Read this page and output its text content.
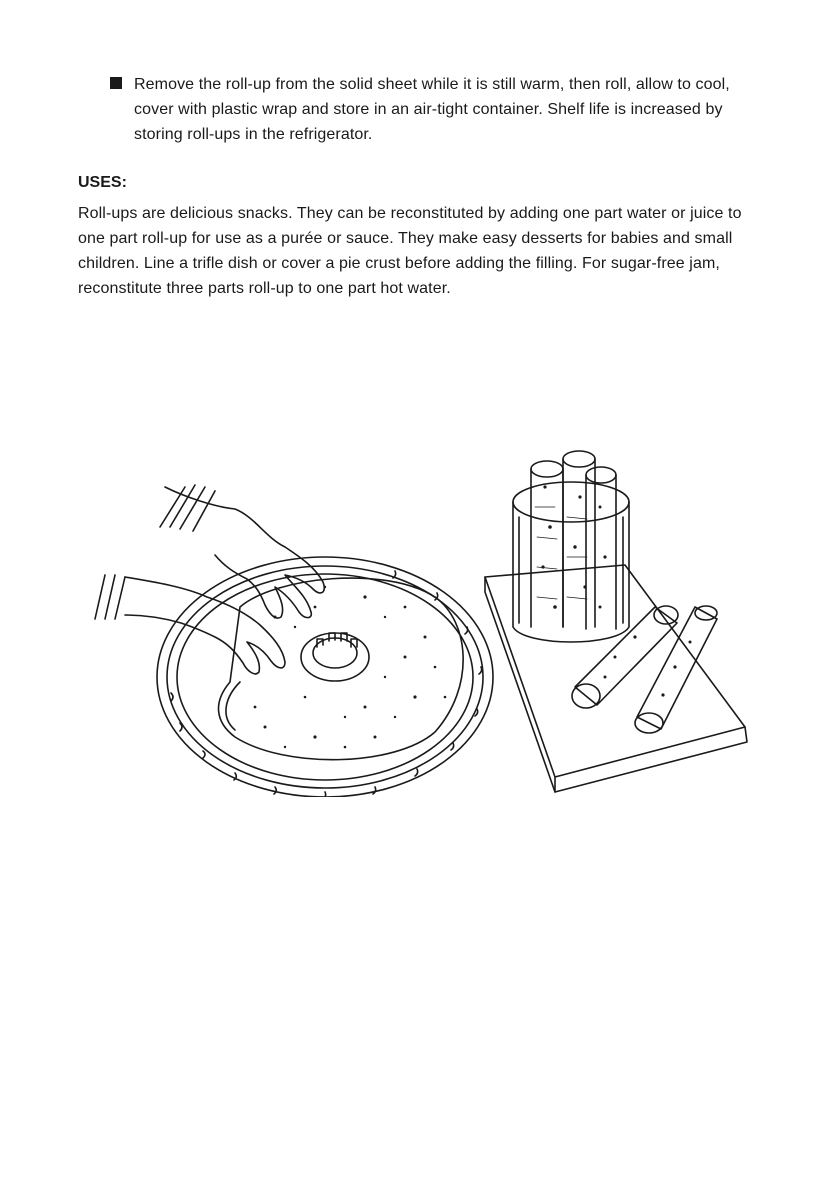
Remove the roll-up from the solid sheet while it is still warm, then roll, allow to cool, cover with plastic wrap and store in an air-tight container. Shelf life is increased by storing roll-ups in the refrigerator.
USES:
Roll-ups are delicious snacks. They can be reconstituted by adding one part water or juice to one part roll-up for use as a purée or sauce. They make easy desserts for babies and small children. Line a trifle dish or cover a pie crust before adding the filling. For sugar-free jam, reconstitute three parts roll-up to one part hot water.
